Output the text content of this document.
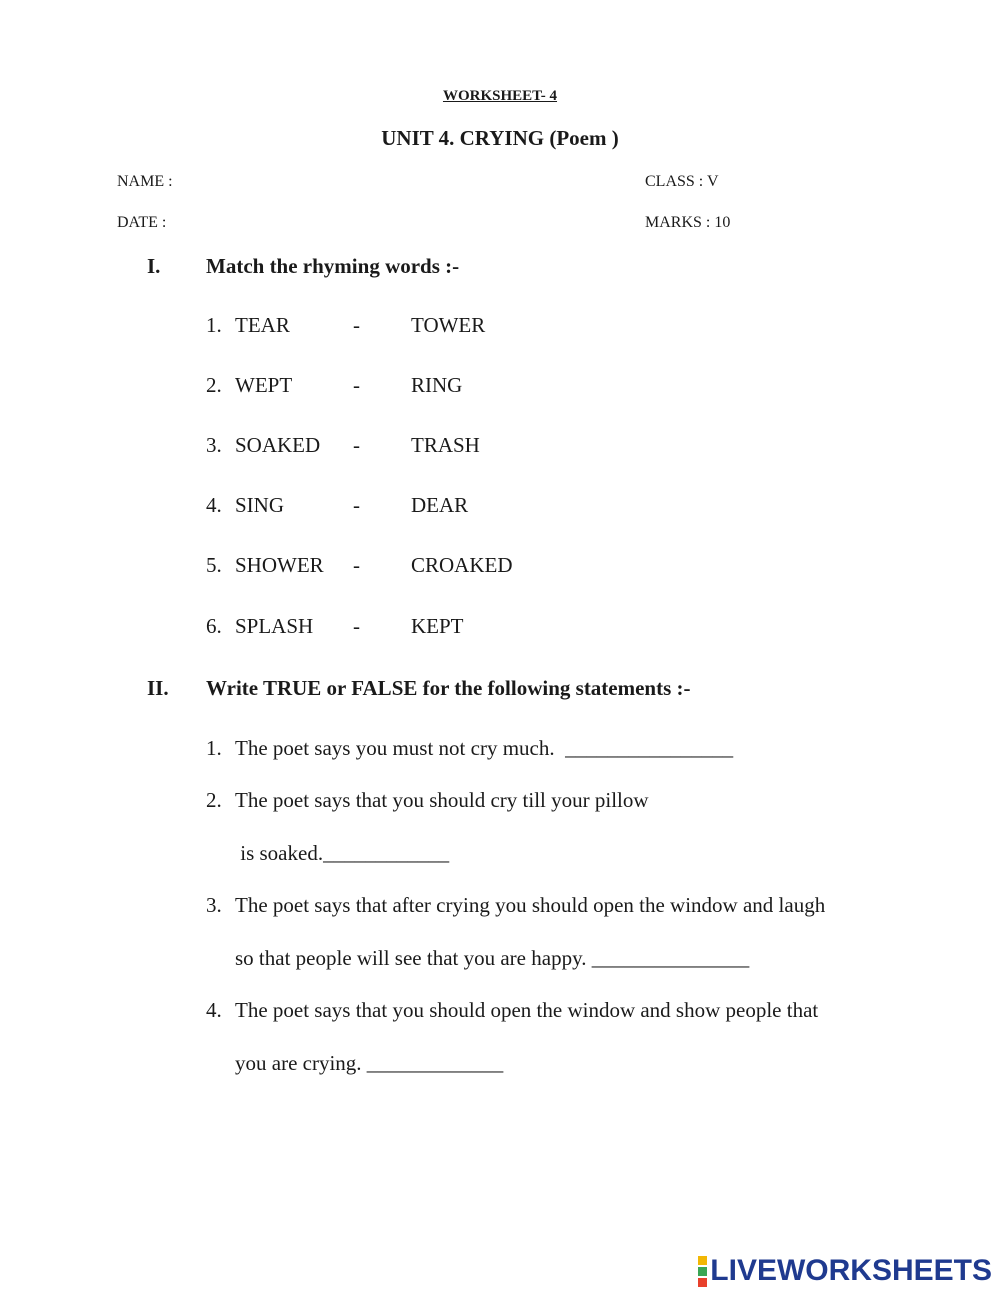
WORKSHEET- 4
UNIT 4. CRYING (Poem )
NAME :	CLASS : V
DATE :	MARKS : 10
I. Match the rhyming words :-
1. TEAR	- TOWER
2. WEPT	- RING
3. SOAKED - TRASH
4. SING	- DEAR
5. SHOWER - CROAKED
6. SPLASH - KEPT
II. Write TRUE or FALSE for the following statements :-
1. The poet says you must not cry much.  ________________
2. The poet says that you should cry till your pillow
is soaked.____________
3. The poet says that after crying you should open the window and laugh
so that people will see that you are happy. _______________
4. The poet says that you should open the window and show people that
you are crying. _____________
LIVEWORKSHEETS
